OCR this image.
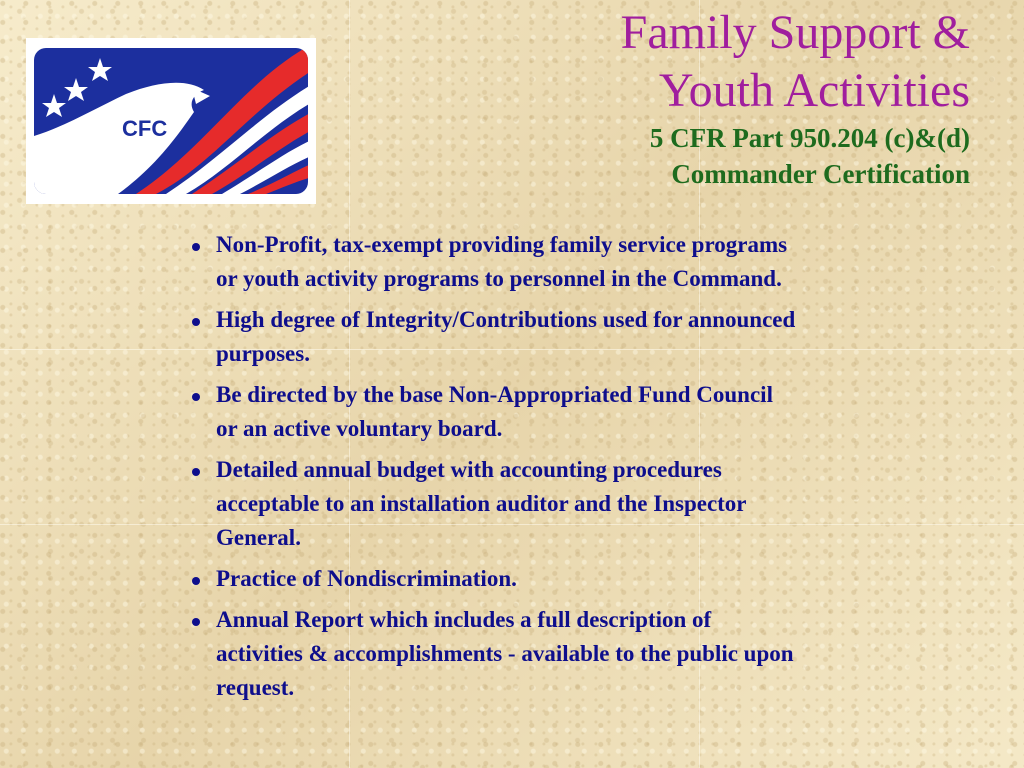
CFC
Family Support &
Youth Activities
5 CFR Part 950.204 (c)&(d)
Commander Certification
Non-Profit, tax-exempt providing family service programs
or youth activity programs to personnel in the Command.
High degree of Integrity/Contributions used for announced
purposes.
Be directed by the base Non-Appropriated Fund Council
or an active voluntary board.
Detailed annual budget with accounting procedures
acceptable to an installation auditor and the Inspector
General.
Practice of Nondiscrimination.
Annual Report which includes a full description of
activities & accomplishments - available to the public upon
request.
